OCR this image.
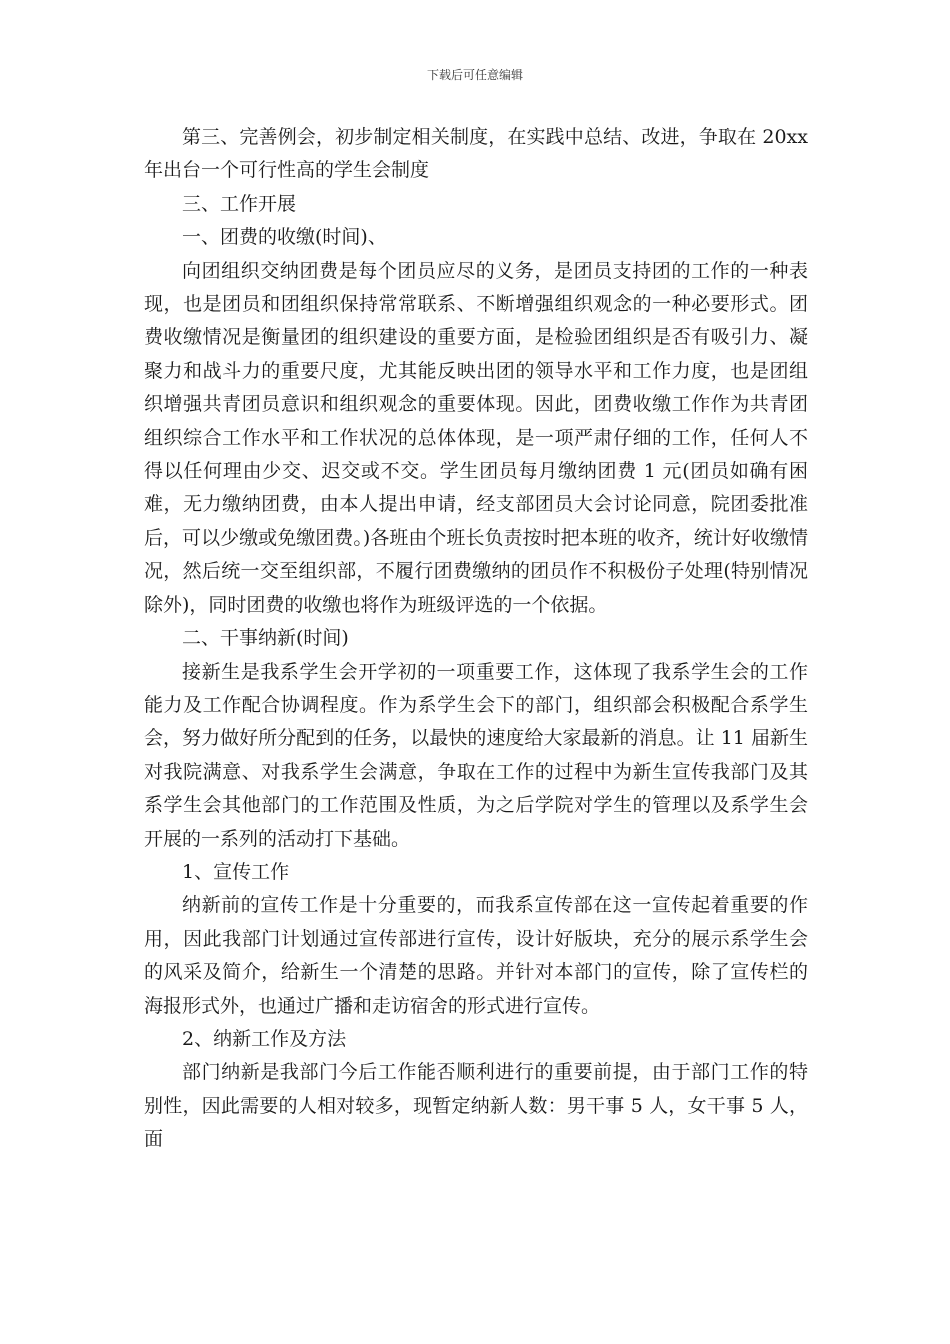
下载后可任意编辑

第三、完善例会，初步制定相关制度，在实践中总结、改进，争取在 20xx 年出台一个可行性高的学生会制度

三、工作开展

一、团费的收缴(时间)、

向团组织交纳团费是每个团员应尽的义务，是团员支持团的工作的一种表现，也是团员和团组织保持常常联系、不断增强组织观念的一种必要形式。团费收缴情况是衡量团的组织建设的重要方面，是检验团组织是否有吸引力、凝聚力和战斗力的重要尺度，尤其能反映出团的领导水平和工作力度，也是团组织增强共青团员意识和组织观念的重要体现。因此，团费收缴工作作为共青团组织综合工作水平和工作状况的总体体现，是一项严肃仔细的工作，任何人不得以任何理由少交、迟交或不交。学生团员每月缴纳团费 1 元(团员如确有困难，无力缴纳团费，由本人提出申请，经支部团员大会讨论同意，院团委批准后，可以少缴或免缴团费。)各班由个班长负责按时把本班的收齐，统计好收缴情况，然后统一交至组织部，不履行团费缴纳的团员作不积极份子处理(特别情况除外)，同时团费的收缴也将作为班级评选的一个依据。

二、干事纳新(时间)

接新生是我系学生会开学初的一项重要工作，这体现了我系学生会的工作能力及工作配合协调程度。作为系学生会下的部门，组织部会积极配合系学生会，努力做好所分配到的任务，以最快的速度给大家最新的消息。让 11 届新生对我院满意、对我系学生会满意，争取在工作的过程中为新生宣传我部门及其系学生会其他部门的工作范围及性质，为之后学院对学生的管理以及系学生会开展的一系列的活动打下基础。

1、宣传工作

纳新前的宣传工作是十分重要的，而我系宣传部在这一宣传起着重要的作用，因此我部门计划通过宣传部进行宣传，设计好版块，充分的展示系学生会的风采及简介，给新生一个清楚的思路。并针对本部门的宣传，除了宣传栏的海报形式外，也通过广播和走访宿舍的形式进行宣传。

2、纳新工作及方法

部门纳新是我部门今后工作能否顺利进行的重要前提，由于部门工作的特别性，因此需要的人相对较多，现暂定纳新人数：男干事 5 人，女干事 5 人，面
